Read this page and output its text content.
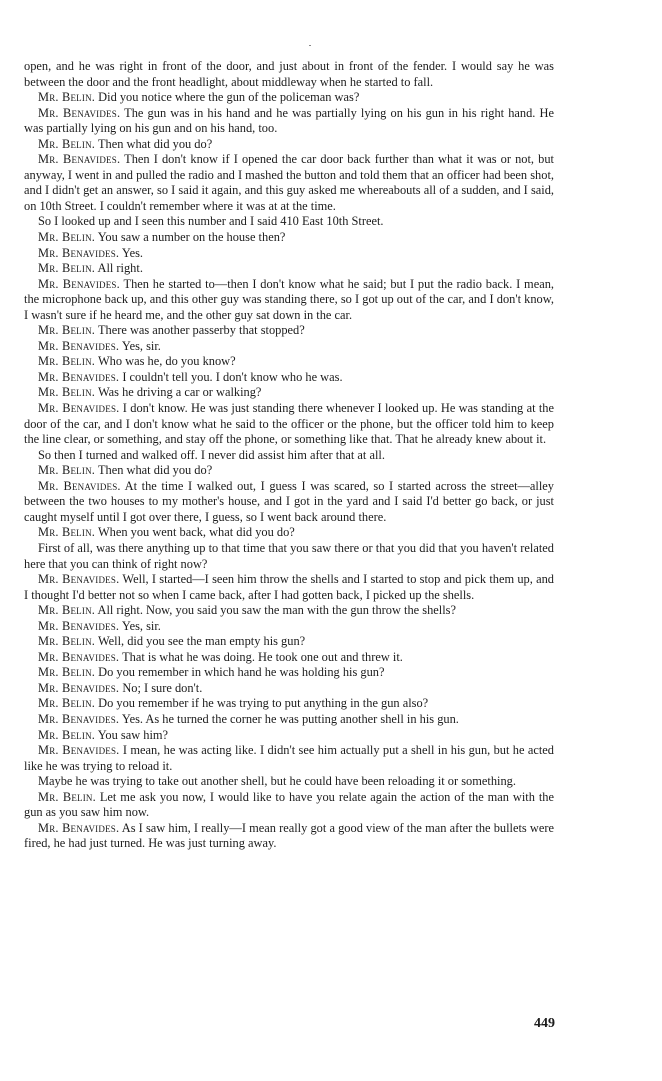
open, and he was right in front of the door, and just about in front of the fender. I would say he was between the door and the front headlight, about middleway when he started to fall.

Mr. Belin. Did you notice where the gun of the policeman was?

Mr. Benavides. The gun was in his hand and he was partially lying on his gun in his right hand. He was partially lying on his gun and on his hand, too.

Mr. Belin. Then what did you do?

Mr. Benavides. Then I don't know if I opened the car door back further than what it was or not, but anyway, I went in and pulled the radio and I mashed the button and told them that an officer had been shot, and I didn't get an answer, so I said it again, and this guy asked me whereabouts all of a sudden, and I said, on 10th Street. I couldn't remember where it was at at the time.

So I looked up and I seen this number and I said 410 East 10th Street.

Mr. Belin. You saw a number on the house then?

Mr. Benavides. Yes.

Mr. Belin. All right.

Mr. Benavides. Then he started to—then I don't know what he said; but I put the radio back. I mean, the microphone back up, and this other guy was standing there, so I got up out of the car, and I don't know, I wasn't sure if he heard me, and the other guy sat down in the car.

Mr. Belin. There was another passerby that stopped?

Mr. Benavides. Yes, sir.

Mr. Belin. Who was he, do you know?

Mr. Benavides. I couldn't tell you. I don't know who he was.

Mr. Belin. Was he driving a car or walking?

Mr. Benavides. I don't know. He was just standing there whenever I looked up. He was standing at the door of the car, and I don't know what he said to the officer or the phone, but the officer told him to keep the line clear, or something, and stay off the phone, or something like that. That he already knew about it.

So then I turned and walked off. I never did assist him after that at all.

Mr. Belin. Then what did you do?

Mr. Benavides. At the time I walked out, I guess I was scared, so I started across the street—alley between the two houses to my mother's house, and I got in the yard and I said I'd better go back, or just caught myself until I got over there, I guess, so I went back around there.

Mr. Belin. When you went back, what did you do?

First of all, was there anything up to that time that you saw there or that you did that you haven't related here that you can think of right now?

Mr. Benavides. Well, I started—I seen him throw the shells and I started to stop and pick them up, and I thought I'd better not so when I came back, after I had gotten back, I picked up the shells.

Mr. Belin. All right. Now, you said you saw the man with the gun throw the shells?

Mr. Benavides. Yes, sir.

Mr. Belin. Well, did you see the man empty his gun?

Mr. Benavides. That is what he was doing. He took one out and threw it.

Mr. Belin. Do you remember in which hand he was holding his gun?

Mr. Benavides. No; I sure don't.

Mr. Belin. Do you remember if he was trying to put anything in the gun also?

Mr. Benavides. Yes. As he turned the corner he was putting another shell in his gun.

Mr. Belin. You saw him?

Mr. Benavides. I mean, he was acting like. I didn't see him actually put a shell in his gun, but he acted like he was trying to reload it.

Maybe he was trying to take out another shell, but he could have been reloading it or something.

Mr. Belin. Let me ask you now, I would like to have you relate again the action of the man with the gun as you saw him now.

Mr. Benavides. As I saw him, I really—I mean really got a good view of the man after the bullets were fired, he had just turned. He was just turning away.

449
